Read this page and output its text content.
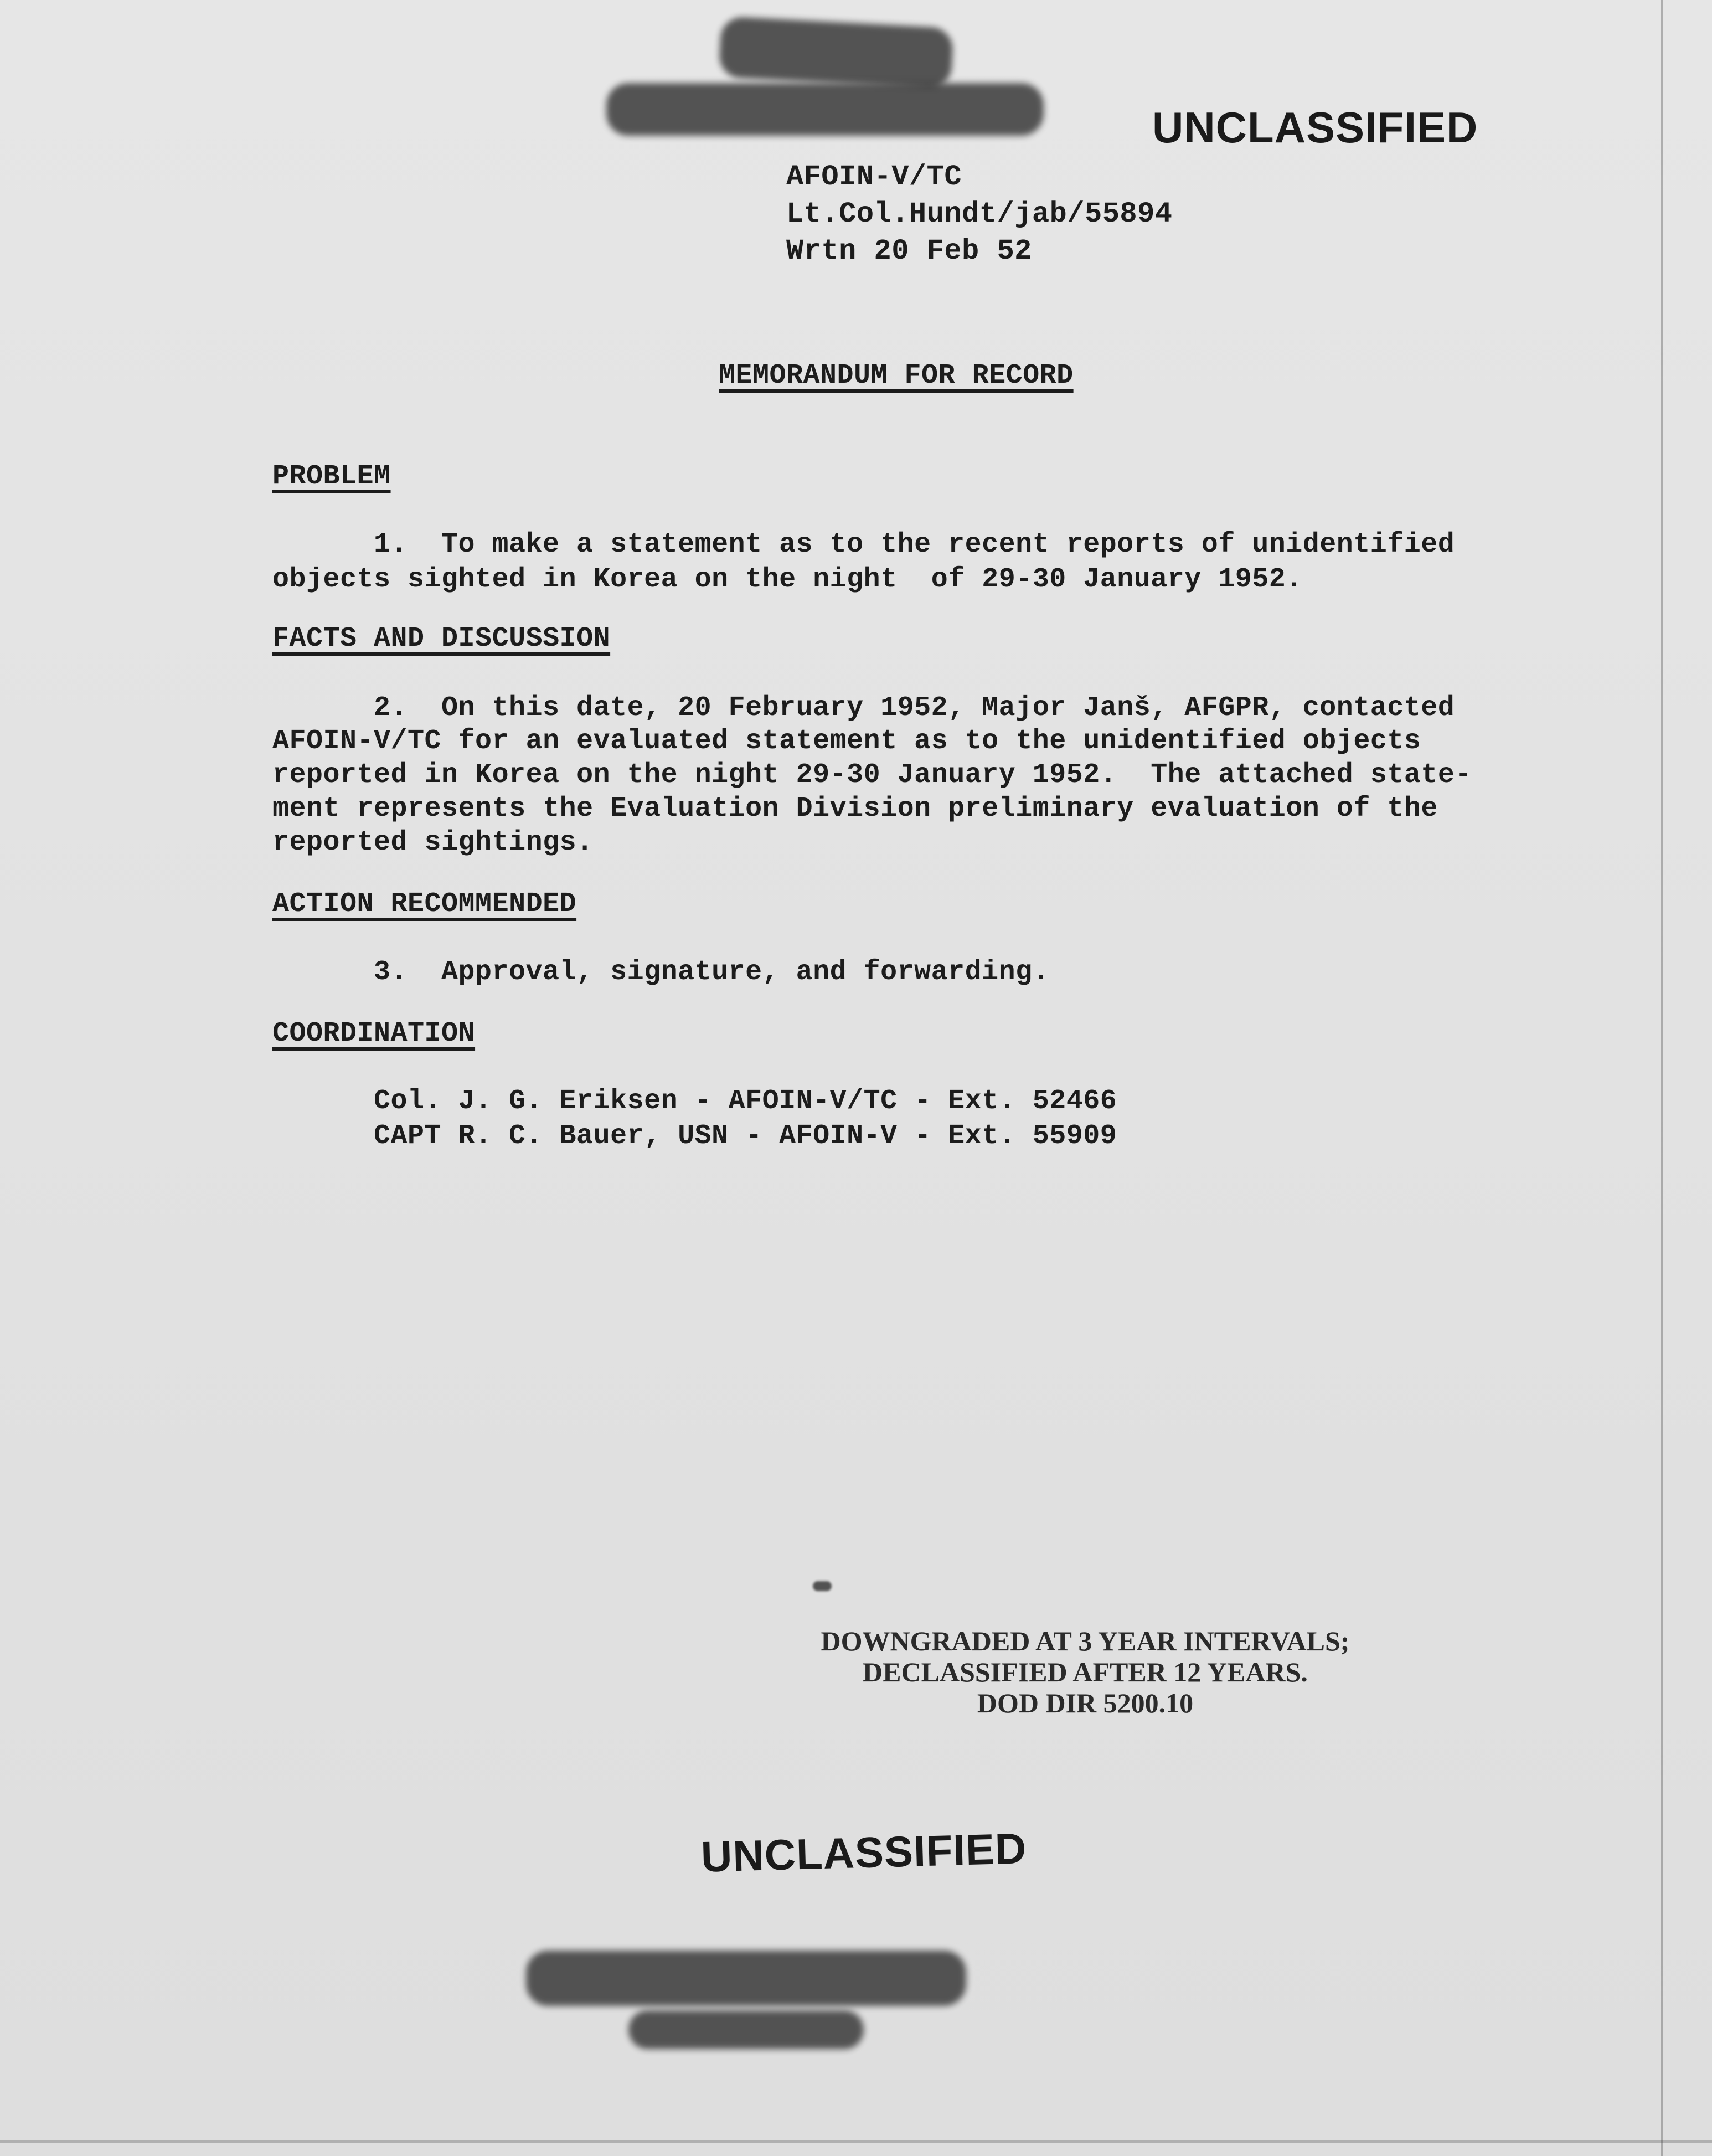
UNCLASSIFIED
AFOIN-V/TC
Lt.Col.Hundt/jab/55894
Wrtn 20 Feb 52
MEMORANDUM FOR RECORD
PROBLEM
1.  To make a statement as to the recent reports of unidentified
objects sighted in Korea on the night  of 29-30 January 1952.
FACTS AND DISCUSSION
2.  On this date, 20 February 1952, Major Janš, AFGPR, contacted
AFOIN-V/TC for an evaluated statement as to the unidentified objects
reported in Korea on the night 29-30 January 1952.  The attached state-
ment represents the Evaluation Division preliminary evaluation of the
reported sightings.
ACTION RECOMMENDED
3.  Approval, signature, and forwarding.
COORDINATION
Col. J. G. Eriksen - AFOIN-V/TC - Ext. 52466
CAPT R. C. Bauer, USN - AFOIN-V - Ext. 55909
DOWNGRADED AT 3 YEAR INTERVALS;
DECLASSIFIED AFTER 12 YEARS.
DOD DIR 5200.10
UNCLASSIFIED
